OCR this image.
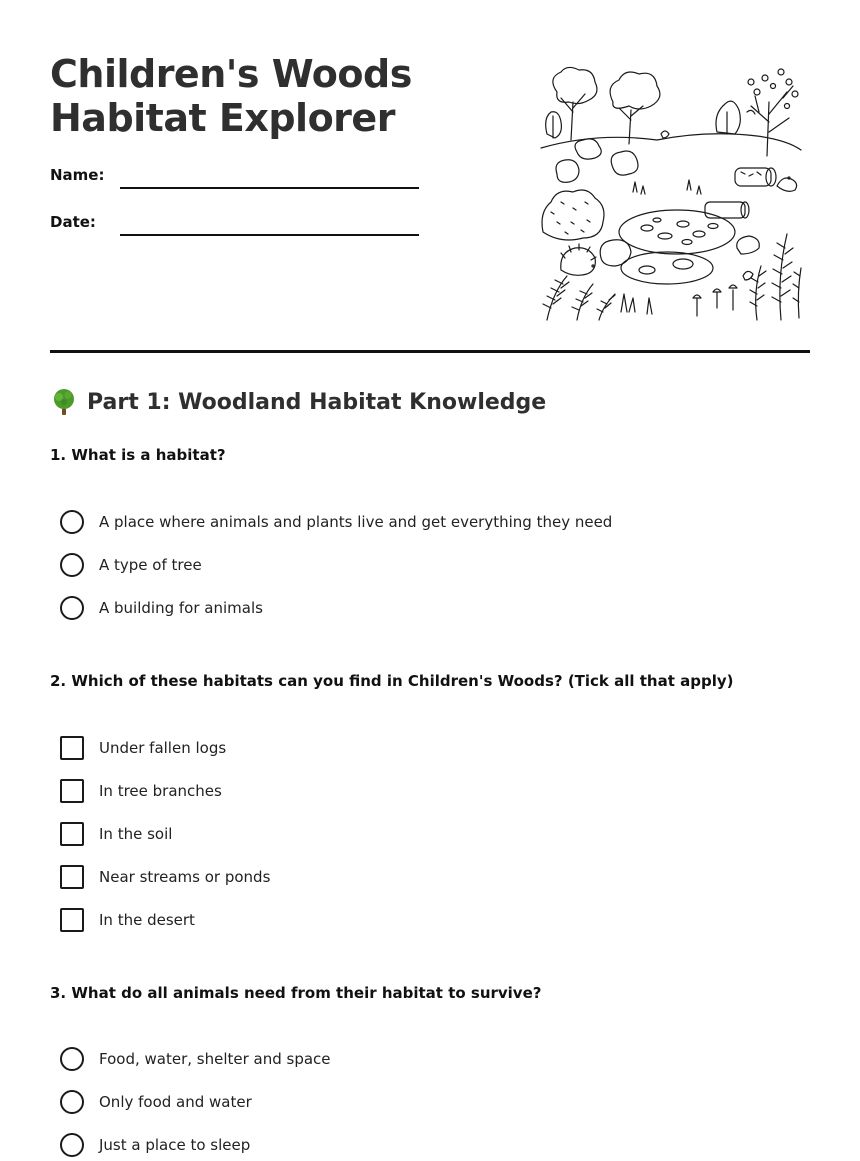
Children's Woods
Habitat Explorer
Name:
Date:
Part 1: Woodland Habitat Knowledge

1. What is a habitat?

A place where animals and plants live and get everything they need
A type of tree
A building for animals

2. Which of these habitats can you find in Children's Woods? (Tick all that apply)

Under fallen logs
In tree branches
In the soil
Near streams or ponds
In the desert

3. What do all animals need from their habitat to survive?

Food, water, shelter and space
Only food and water
Just a place to sleep
